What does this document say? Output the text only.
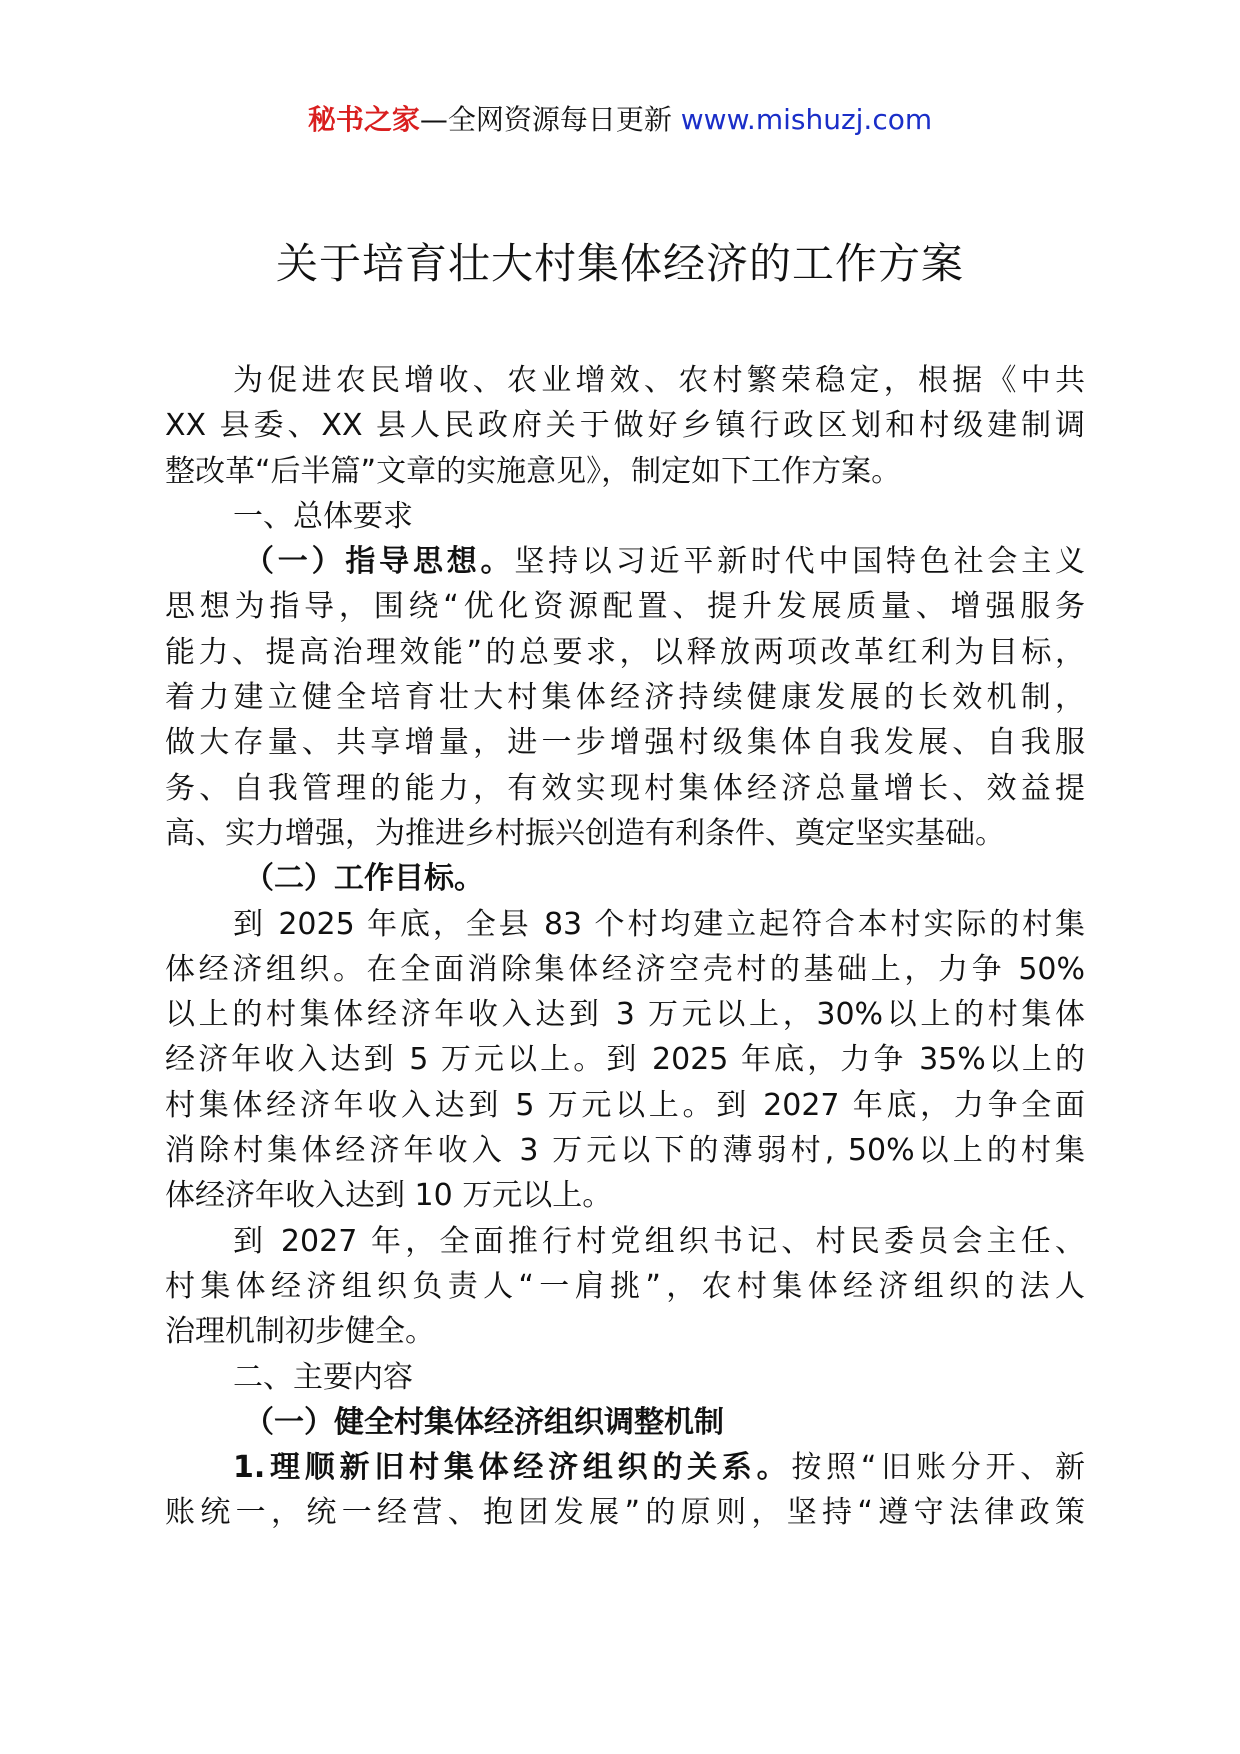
秘书之家—全网资源每日更新 www.mishuzj.com
关于培育壮大村集体经济的工作方案
为促进农民增收、农业增效、农村繁荣稳定，根据《中共
XX 县委、XX 县人民政府关于做好乡镇行政区划和村级建制调
整改革“后半篇”文章的实施意见》，制定如下工作方案。
一、总体要求
（一）指导思想。坚持以习近平新时代中国特色社会主义
思想为指导，围绕“优化资源配置、提升发展质量、增强服务
能力、提高治理效能”的总要求，以释放两项改革红利为目标，
着力建立健全培育壮大村集体经济持续健康发展的长效机制，
做大存量、共享增量，进一步增强村级集体自我发展、自我服
务、自我管理的能力，有效实现村集体经济总量增长、效益提
高、实力增强，为推进乡村振兴创造有利条件、奠定坚实基础。
（二）工作目标。
到 2025 年底，全县 83 个村均建立起符合本村实际的村集
体经济组织。在全面消除集体经济空壳村的基础上，力争 50%
以上的村集体经济年收入达到 3 万元以上，30%以上的村集体
经济年收入达到 5 万元以上。到 2025 年底，力争 35%以上的
村集体经济年收入达到 5 万元以上。到 2027 年底，力争全面
消除村集体经济年收入 3 万元以下的薄弱村, 50%以上的村集
体经济年收入达到 10 万元以上。
到 2027 年，全面推行村党组织书记、村民委员会主任、
村集体经济组织负责人“一肩挑”，农村集体经济组织的法人
治理机制初步健全。
二、主要内容
（一）健全村集体经济组织调整机制
1.理顺新旧村集体经济组织的关系。按照“旧账分开、新
账统一，统一经营、抱团发展”的原则，坚持“遵守法律政策
